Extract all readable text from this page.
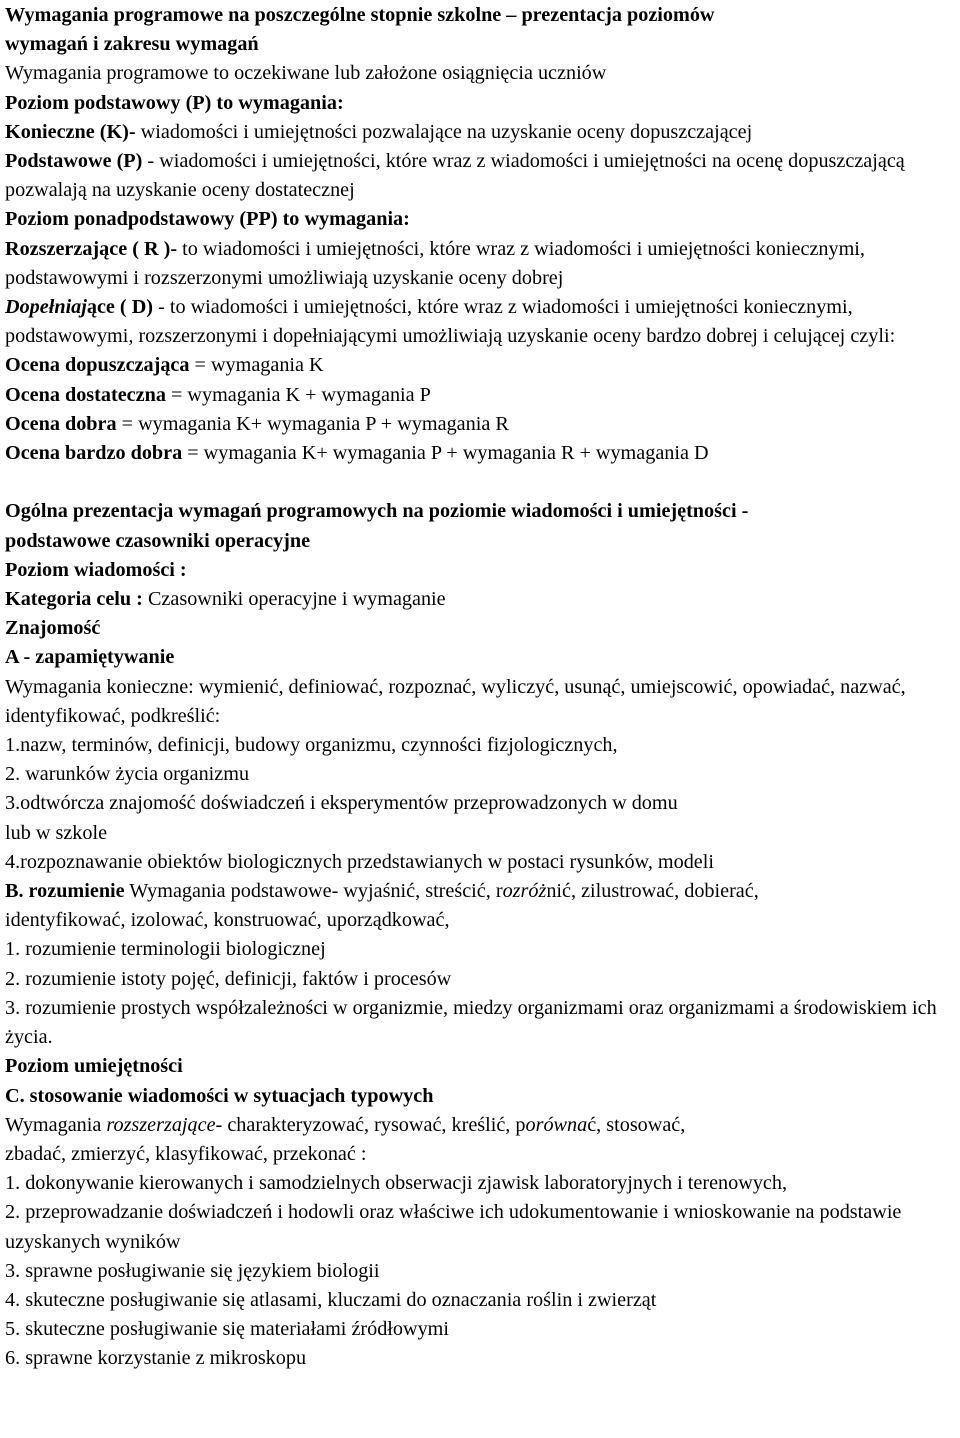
Wymagania programowe na poszczególne stopnie szkolne – prezentacja poziomów

wymagań i zakresu wymagań

Wymagania programowe to oczekiwane lub założone osiągnięcia uczniów

Poziom podstawowy (P) to wymagania:

Konieczne (K)- wiadomości i umiejętności pozwalające na uzyskanie oceny dopuszczającej

Podstawowe (P) - wiadomości i umiejętności, które wraz z wiadomości i umiejętności na ocenę dopuszczającą pozwalają na uzyskanie oceny dostatecznej

Poziom ponadpodstawowy (PP) to wymagania:

Rozszerzające ( R )- to wiadomości i umiejętności, które wraz z wiadomości i umiejętności koniecznymi, podstawowymi i rozszerzonymi umożliwiają uzyskanie oceny dobrej

Dopełniające ( D) - to wiadomości i umiejętności, które wraz z wiadomości i umiejętności koniecznymi, podstawowymi, rozszerzonymi i dopełniającymi umożliwiają uzyskanie oceny bardzo dobrej i celującej czyli:

Ocena dopuszczająca = wymagania K

Ocena dostateczna = wymagania K + wymagania P

Ocena dobra = wymagania K+ wymagania P + wymagania R

Ocena bardzo dobra = wymagania K+ wymagania P + wymagania R + wymagania D

Ogólna prezentacja wymagań programowych na poziomie wiadomości i umiejętności -

podstawowe czasowniki operacyjne

Poziom wiadomości :

Kategoria celu : Czasowniki operacyjne i wymaganie

Znajomość

A - zapamiętywanie

Wymagania konieczne: wymienić, definiować, rozpoznać, wyliczyć, usunąć, umiejscowić, opowiadać, nazwać, identyfikować, podkreślić:

1.nazw, terminów, definicji, budowy organizmu, czynności fizjologicznych,

2. warunków życia organizmu

3.odtwórcza znajomość doświadczeń i eksperymentów przeprowadzonych w domu

lub w szkole

4.rozpoznawanie obiektów biologicznych przedstawianych w postaci rysunków, modeli

B. rozumienie Wymagania podstawowe- wyjaśnić, streścić, rozróżnić, zilustrować, dobierać,

identyfikować, izolować, konstruować, uporządkować,

1. rozumienie terminologii biologicznej

2. rozumienie istoty pojęć, definicji, faktów i procesów

3. rozumienie prostych współzależności w organizmie, miedzy organizmami oraz organizmami a środowiskiem ich życia.

Poziom umiejętności

C. stosowanie wiadomości w sytuacjach typowych

Wymagania rozszerzające- charakteryzować, rysować, kreślić, porównać, stosować,

zbadać, zmierzyć, klasyfikować, przekonać :

1. dokonywanie kierowanych i samodzielnych obserwacji zjawisk laboratoryjnych i terenowych,

2. przeprowadzanie doświadczeń i hodowli oraz właściwe ich udokumentowanie i wnioskowanie na podstawie uzyskanych wyników

3. sprawne posługiwanie się językiem biologii

4. skuteczne posługiwanie się atlasami, kluczami do oznaczania roślin i zwierząt

5. skuteczne posługiwanie się materiałami źródłowymi

6. sprawne korzystanie z mikroskopu
